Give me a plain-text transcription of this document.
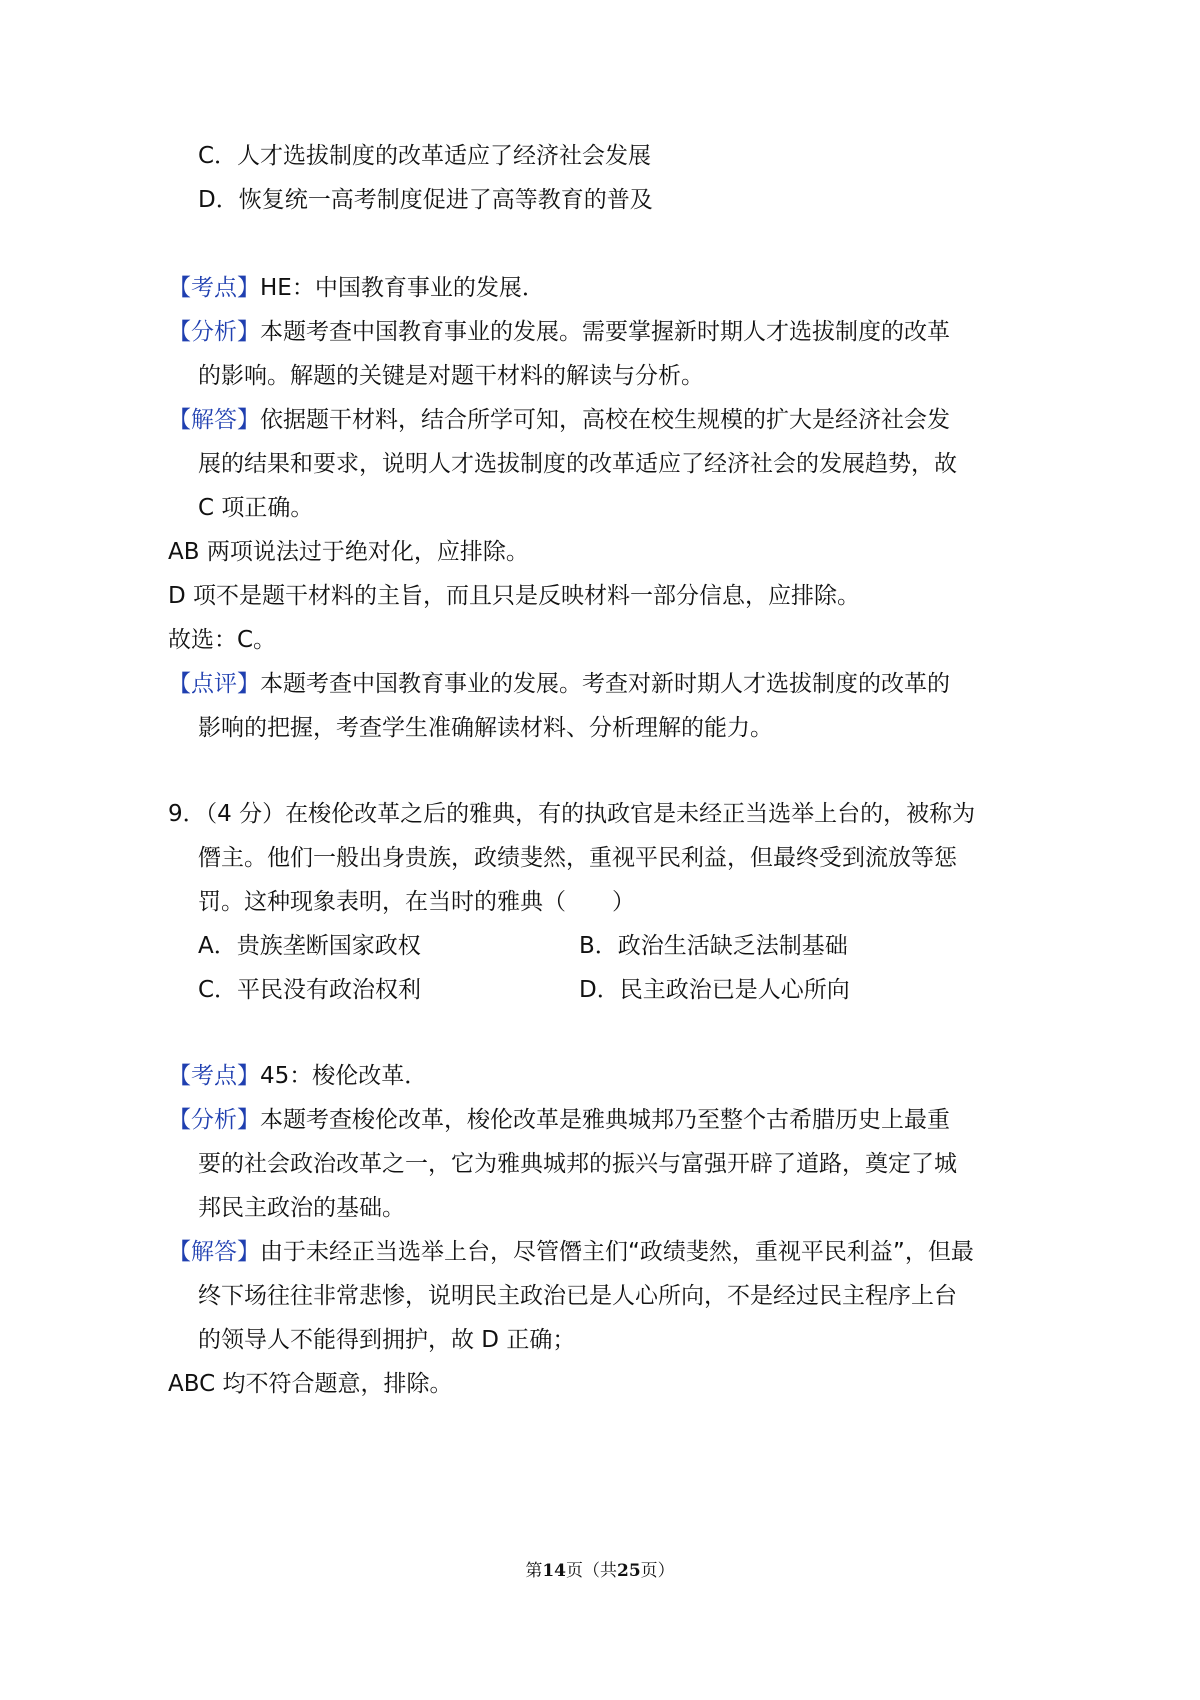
C．人才选拔制度的改革适应了经济社会发展
D．恢复统一高考制度促进了高等教育的普及
【考点】HE：中国教育事业的发展．
【分析】本题考查中国教育事业的发展。需要掌握新时期人才选拔制度的改革
的影响。解题的关键是对题干材料的解读与分析。
【解答】依据题干材料，结合所学可知，高校在校生规模的扩大是经济社会发
展的结果和要求，说明人才选拔制度的改革适应了经济社会的发展趋势，故
C 项正确。
AB 两项说法过于绝对化，应排除。
D 项不是题干材料的主旨，而且只是反映材料一部分信息，应排除。
故选：C。
【点评】本题考查中国教育事业的发展。考查对新时期人才选拔制度的改革的
影响的把握，考查学生准确解读材料、分析理解的能力。
9．（4 分）在梭伦改革之后的雅典，有的执政官是未经正当选举上台的，被称为
僭主。他们一般出身贵族，政绩斐然，重视平民利益，但最终受到流放等惩
罚。这种现象表明，在当时的雅典（　　）
A．贵族垄断国家政权	B．政治生活缺乏法制基础
C．平民没有政治权利	D．民主政治已是人心所向
【考点】45：梭伦改革．
【分析】本题考查梭伦改革，梭伦改革是雅典城邦乃至整个古希腊历史上最重
要的社会政治改革之一，它为雅典城邦的振兴与富强开辟了道路，奠定了城
邦民主政治的基础。
【解答】由于未经正当选举上台，尽管僭主们“政绩斐然，重视平民利益”，但最
终下场往往非常悲惨，说明民主政治已是人心所向，不是经过民主程序上台
的领导人不能得到拥护，故 D 正确；
ABC 均不符合题意，排除。
第14页（共25页）
